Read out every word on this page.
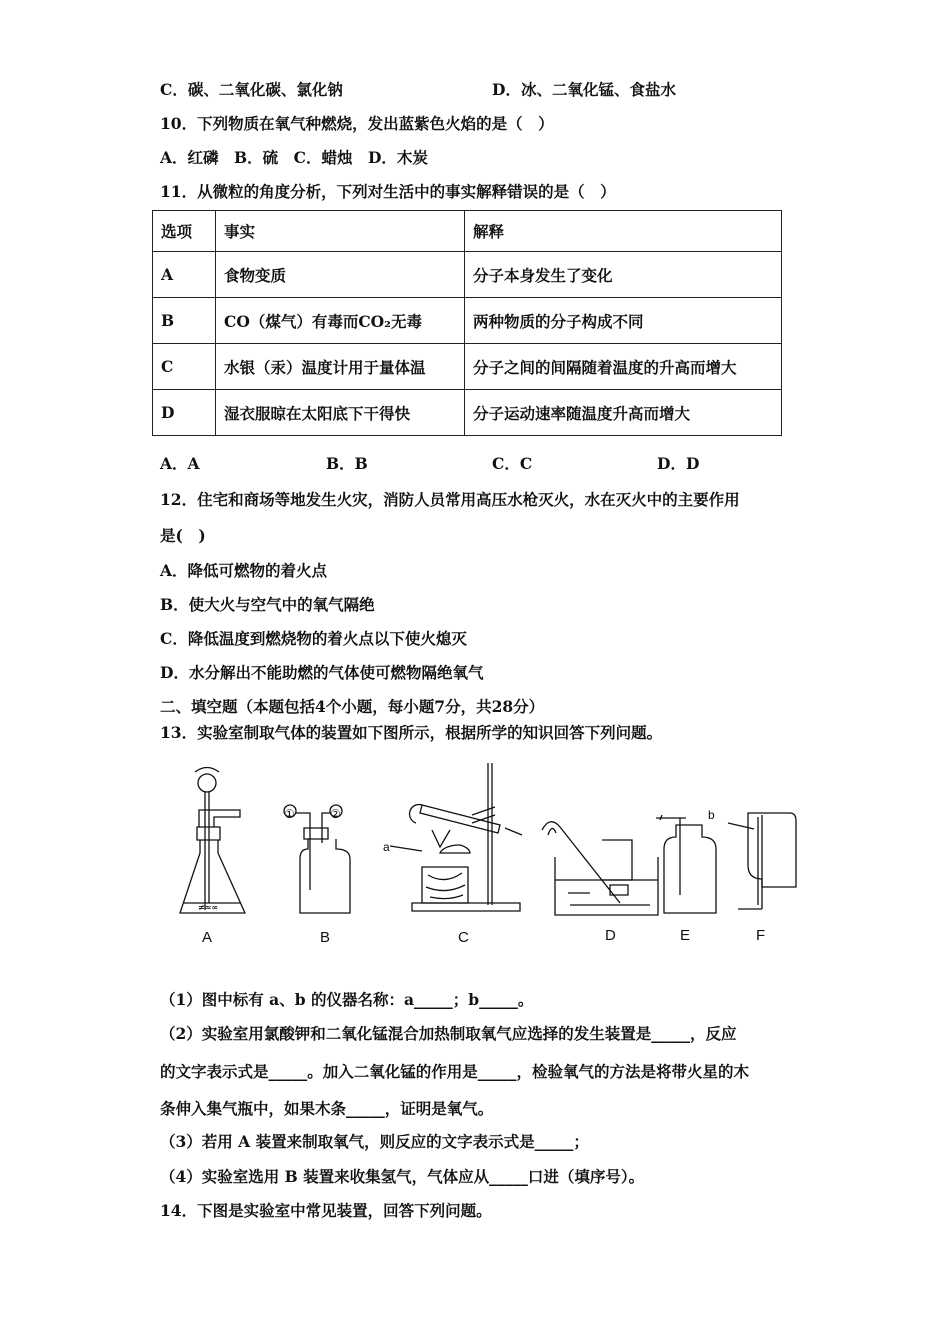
C．碳、二氧化碳、氯化钠	D．冰、二氧化锰、食盐水
10．下列物质在氧气种燃烧，发出蓝紫色火焰的是（　）
A．红磷　B．硫　C．蜡烛　D．木炭
11．从微粒的角度分析，下列对生活中的事实解释错误的是（　）
选项	事实	解释
A	食物变质	分子本身发生了变化
B	CO（煤气）有毒而CO₂无毒	两种物质的分子构成不同
C	水银（汞）温度计用于量体温	分子之间的间隔随着温度的升高而增大
D	湿衣服晾在太阳底下干得快	分子运动速率随温度升高而增大
A．A	B．B	C．C	D．D
12．住宅和商场等地发生火灾，消防人员常用高压水枪灭火，水在灭火中的主要作用
是(　)
A．降低可燃物的着火点
B．使大火与空气中的氧气隔绝
C．降低温度到燃烧物的着火点以下使火熄灭
D．水分解出不能助燃的气体使可燃物隔绝氧气
二、填空题（本题包括4个小题，每小题7分，共28分）
13．实验室制取气体的装置如下图所示，根据所学的知识回答下列问题。
≠≈∞
①	②
a
b
A	B	C	D	E	F
（1）图中标有 a、b 的仪器名称：a_____；b_____。
（2）实验室用氯酸钾和二氧化锰混合加热制取氧气应选择的发生装置是_____，反应
的文字表示式是_____。加入二氧化锰的作用是_____，检验氧气的方法是将带火星的木
条伸入集气瓶中，如果木条_____，证明是氧气。
（3）若用 A 装置来制取氧气，则反应的文字表示式是_____；
（4）实验室选用 B 装置来收集氢气，气体应从_____口进（填序号）。
14．下图是实验室中常见装置，回答下列问题。
